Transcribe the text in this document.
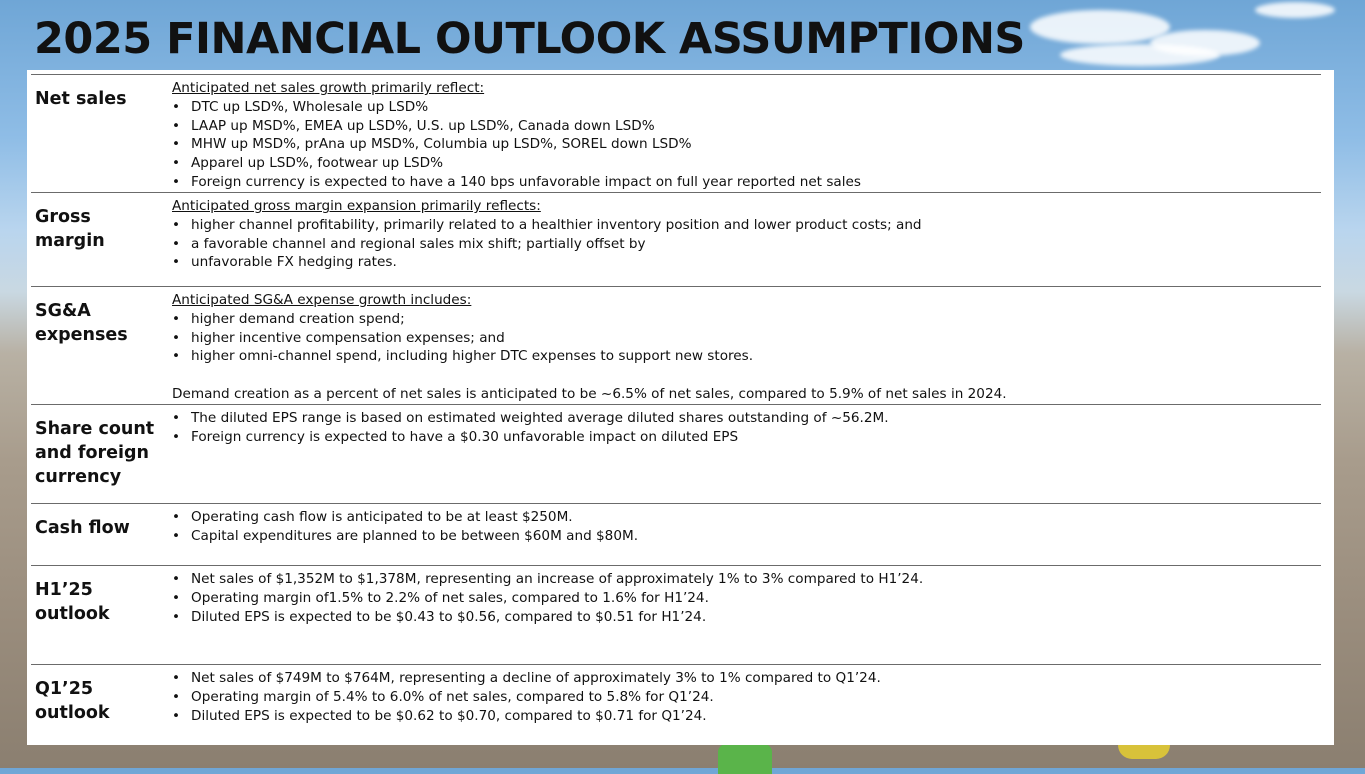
2025 FINANCIAL OUTLOOK ASSUMPTIONS
Net sales
Anticipated net sales growth primarily reflect:
• DTC up LSD%, Wholesale up LSD%
• LAAP up MSD%, EMEA up LSD%, U.S. up LSD%, Canada down LSD%
• MHW up MSD%, prAna up MSD%, Columbia up LSD%, SOREL down LSD%
• Apparel up LSD%, footwear up LSD%
• Foreign currency is expected to have a 140 bps unfavorable impact on full year reported net sales
Gross margin
Anticipated gross margin expansion primarily reflects:
• higher channel profitability, primarily related to a healthier inventory position and lower product costs; and
• a favorable channel and regional sales mix shift; partially offset by
• unfavorable FX hedging rates.
SG&A expenses
Anticipated SG&A expense growth includes:
• higher demand creation spend;
• higher incentive compensation expenses; and
• higher omni-channel spend, including higher DTC expenses to support new stores.
Demand creation as a percent of net sales is anticipated to be ~6.5% of net sales, compared to 5.9% of net sales in 2024.
Share count and foreign currency
• The diluted EPS range is based on estimated weighted average diluted shares outstanding of ~56.2M.
• Foreign currency is expected to have a $0.30 unfavorable impact on diluted EPS
Cash flow
• Operating cash flow is anticipated to be at least $250M.
• Capital expenditures are planned to be between $60M and $80M.
H1’25 outlook
• Net sales of $1,352M to $1,378M, representing an increase of approximately 1% to 3% compared to H1’24.
• Operating margin of1.5% to 2.2% of net sales, compared to 1.6% for H1’24.
• Diluted EPS is expected to be $0.43 to $0.56, compared to $0.51 for H1’24.
Q1’25 outlook
• Net sales of $749M to $764M, representing a decline of approximately 3% to 1% compared to Q1’24.
• Operating margin of 5.4% to 6.0% of net sales, compared to 5.8% for Q1’24.
• Diluted EPS is expected to be $0.62 to $0.70, compared to $0.71 for Q1’24.
